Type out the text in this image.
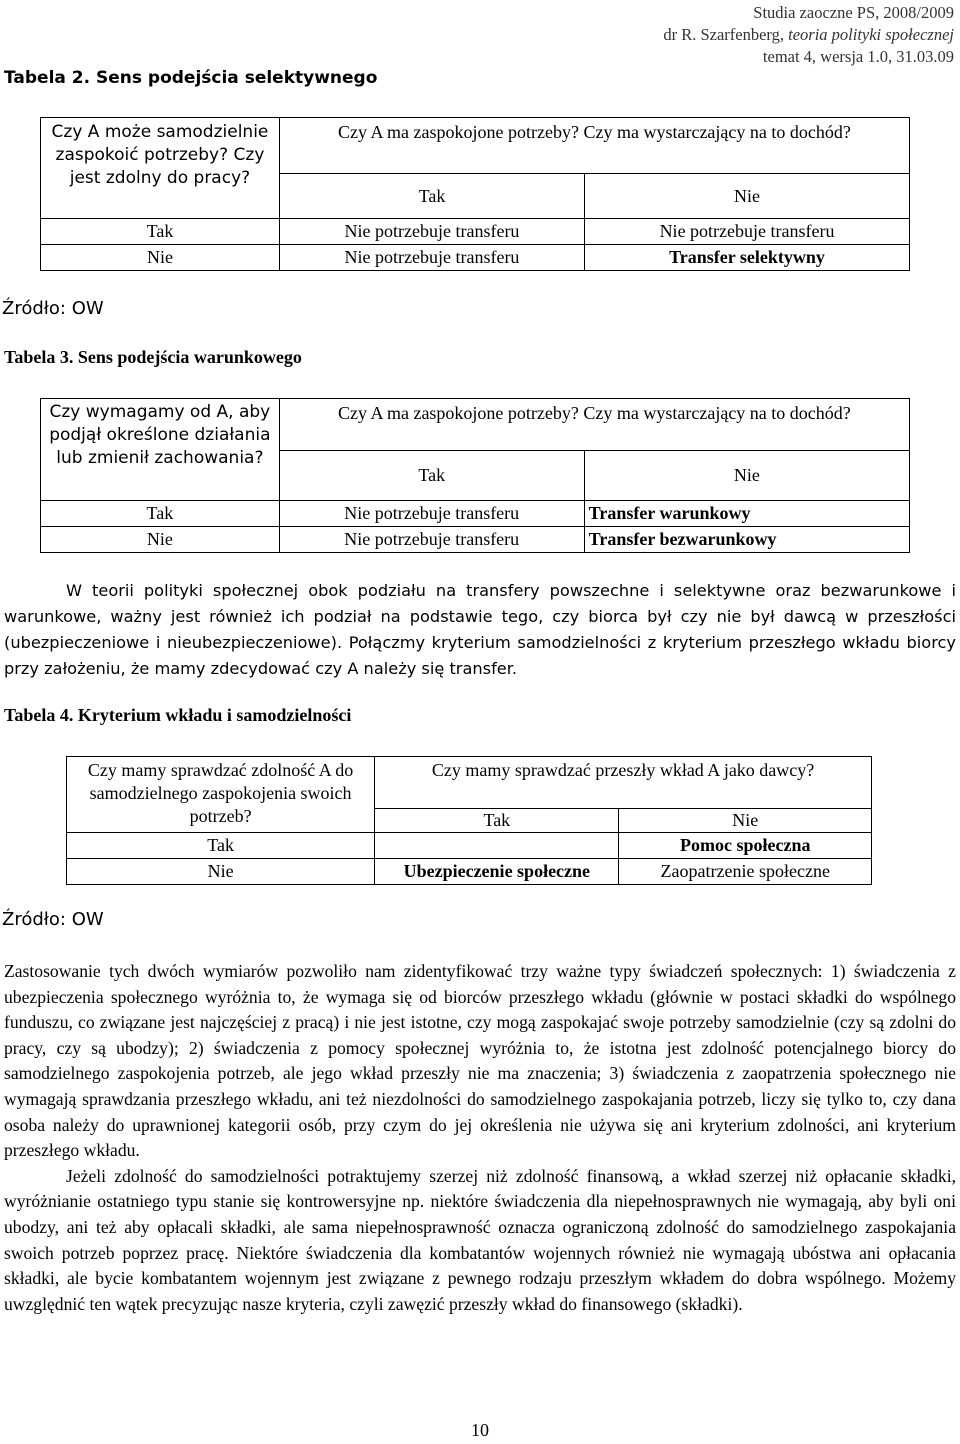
Studia zaoczne PS, 2008/2009
dr R. Szarfenberg, teoria polityki społecznej
temat 4, wersja 1.0, 31.03.09
Tabela 2. Sens podejścia selektywnego
Czy A może samodzielnie zaspokoić potrzeby? Czy jest zdolny do pracy?	Czy A ma zaspokojone potrzeby? Czy ma wystarczający na to dochód?	
	Tak	Nie
Tak	Nie potrzebuje transferu	Nie potrzebuje transferu
Nie	Nie potrzebuje transferu	Transfer selektywny
Źródło: OW
Tabela 3. Sens podejścia warunkowego
Czy wymagamy od A, aby podjął określone działania lub zmienił zachowania?	Czy A ma zaspokojone potrzeby? Czy ma wystarczający na to dochód?	
	Tak	Nie
Tak	Nie potrzebuje transferu	Transfer warunkowy
Nie	Nie potrzebuje transferu	Transfer bezwarunkowy

W teorii polityki społecznej obok podziału na transfery powszechne i selektywne oraz bezwarunkowe i warunkowe, ważny jest również ich podział na podstawie tego, czy biorca był czy nie był dawcą w przeszłości (ubezpieczeniowe i nieubezpieczeniowe). Połączmy kryterium samodzielności z kryterium przeszłego wkładu biorcy przy założeniu, że mamy zdecydować czy A należy się transfer.

Tabela 4. Kryterium wkładu i samodzielności
Czy mamy sprawdzać zdolność A do samodzielnego zaspokojenia swoich potrzeb?	Czy mamy sprawdzać przeszły wkład A jako dawcy?	
	Tak	Nie
Tak		Pomoc społeczna
Nie	Ubezpieczenie społeczne	Zaopatrzenie społeczne
Źródło: OW

Zastosowanie tych dwóch wymiarów pozwoliło nam zidentyfikować trzy ważne typy świadczeń społecznych: 1) świadczenia z ubezpieczenia społecznego wyróżnia to, że wymaga się od biorców przeszłego wkładu (głównie w postaci składki do wspólnego funduszu, co związane jest najczęściej z pracą) i nie jest istotne, czy mogą zaspokajać swoje potrzeby samodzielnie (czy są zdolni do pracy, czy są ubodzy); 2) świadczenia z pomocy społecznej wyróżnia to, że istotna jest zdolność potencjalnego biorcy do samodzielnego zaspokojenia potrzeb, ale jego wkład przeszły nie ma znaczenia; 3) świadczenia z zaopatrzenia społecznego nie wymagają sprawdzania przeszłego wkładu, ani też niezdolności do samodzielnego zaspokajania potrzeb, liczy się tylko to, czy dana osoba należy do uprawnionej kategorii osób, przy czym do jej określenia nie używa się ani kryterium zdolności, ani kryterium przeszłego wkładu.

Jeżeli zdolność do samodzielności potraktujemy szerzej niż zdolność finansową, a wkład szerzej niż opłacanie składki, wyróżnianie ostatniego typu stanie się kontrowersyjne np. niektóre świadczenia dla niepełnosprawnych nie wymagają, aby byli oni ubodzy, ani też aby opłacali składki, ale sama niepełnosprawność oznacza ograniczoną zdolność do samodzielnego zaspokajania swoich potrzeb poprzez pracę. Niektóre świadczenia dla kombatantów wojennych również nie wymagają ubóstwa ani opłacania składki, ale bycie kombatantem wojennym jest związane z pewnego rodzaju przeszłym wkładem do dobra wspólnego. Możemy uwzględnić ten wątek precyzując nasze kryteria, czyli zawęzić przeszły wkład do finansowego (składki).

10
